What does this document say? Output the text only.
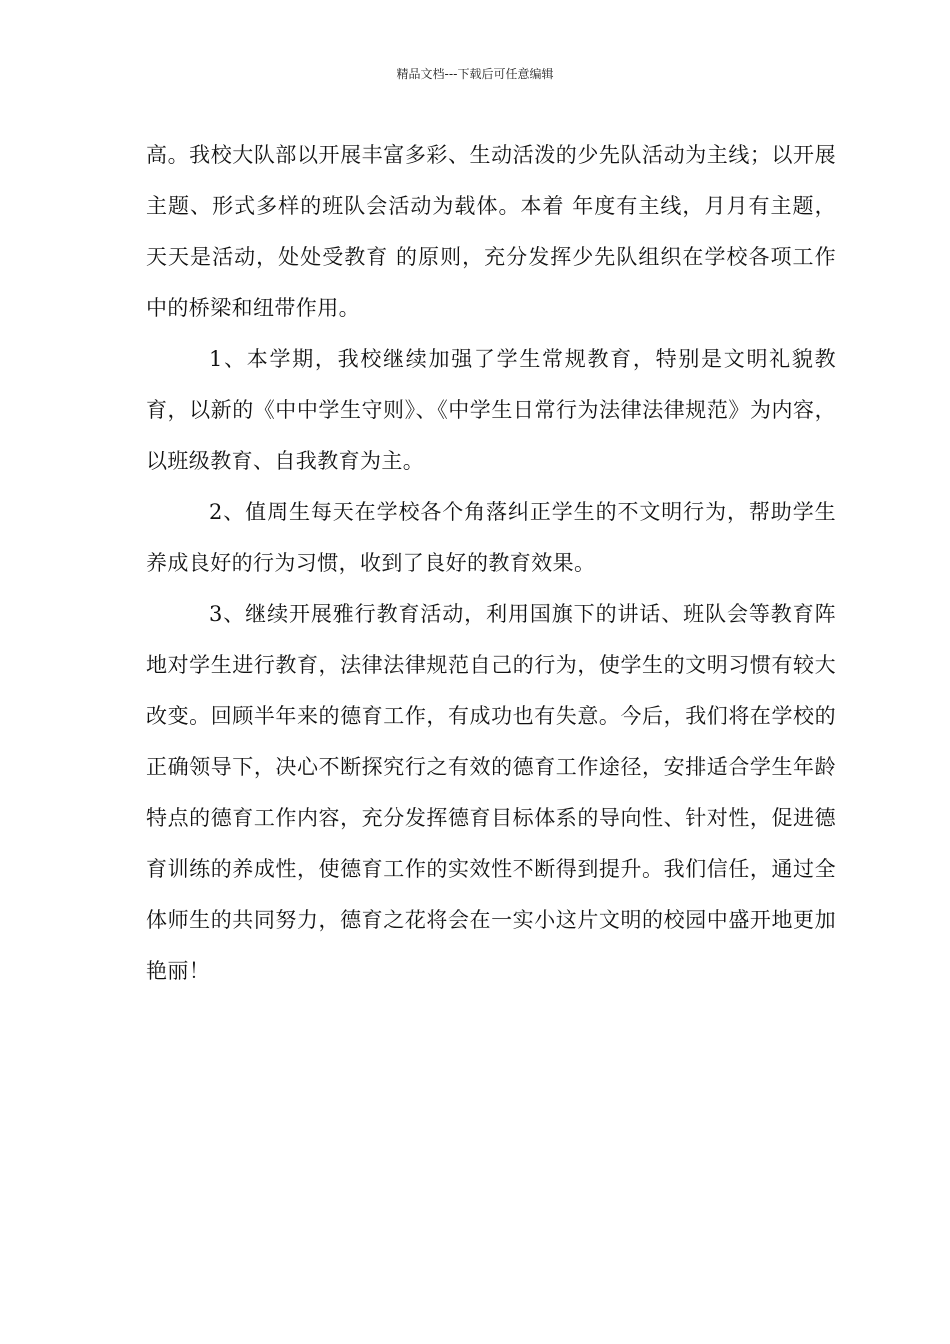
精品文档---下载后可任意编辑

高。我校大队部以开展丰富多彩、生动活泼的少先队活动为主线；以开展主题、形式多样的班队会活动为载体。本着 年度有主线，月月有主题，天天是活动，处处受教育 的原则，充分发挥少先队组织在学校各项工作中的桥梁和纽带作用。

1、本学期，我校继续加强了学生常规教育，特别是文明礼貌教育，以新的《中中学生守则》、《中学生日常行为法律法律规范》为内容，以班级教育、自我教育为主。

2、值周生每天在学校各个角落纠正学生的不文明行为，帮助学生养成良好的行为习惯，收到了良好的教育效果。

3、继续开展雅行教育活动，利用国旗下的讲话、班队会等教育阵地对学生进行教育，法律法律规范自己的行为，使学生的文明习惯有较大改变。回顾半年来的德育工作，有成功也有失意。今后，我们将在学校的正确领导下，决心不断探究行之有效的德育工作途径，安排适合学生年龄特点的德育工作内容，充分发挥德育目标体系的导向性、针对性，促进德育训练的养成性，使德育工作的实效性不断得到提升。我们信任，通过全体师生的共同努力，德育之花将会在一实小这片文明的校园中盛开地更加艳丽！
